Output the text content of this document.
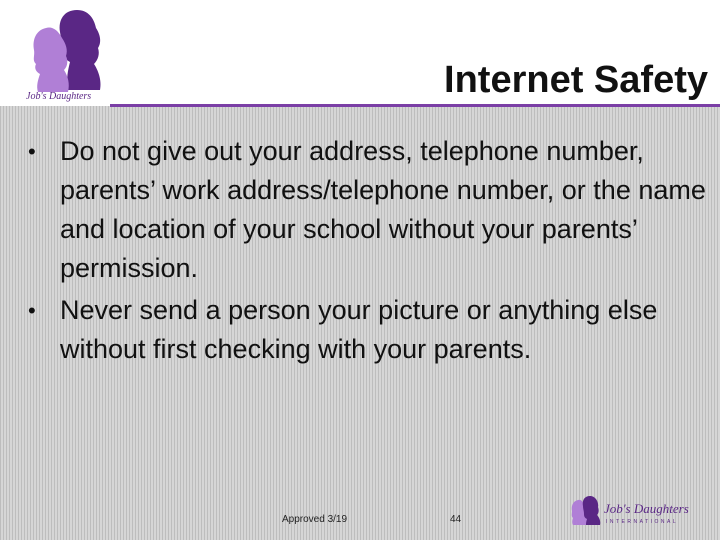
Job's Daughters	Internet Safety
• Do not give out your address, telephone number, parents’ work address/telephone number, or the name and location of your school without your parents’ permission.
• Never send a person your picture or anything else without first checking with your parents.
Approved 3/19	44
Job's Daughters
INTERNATIONAL
